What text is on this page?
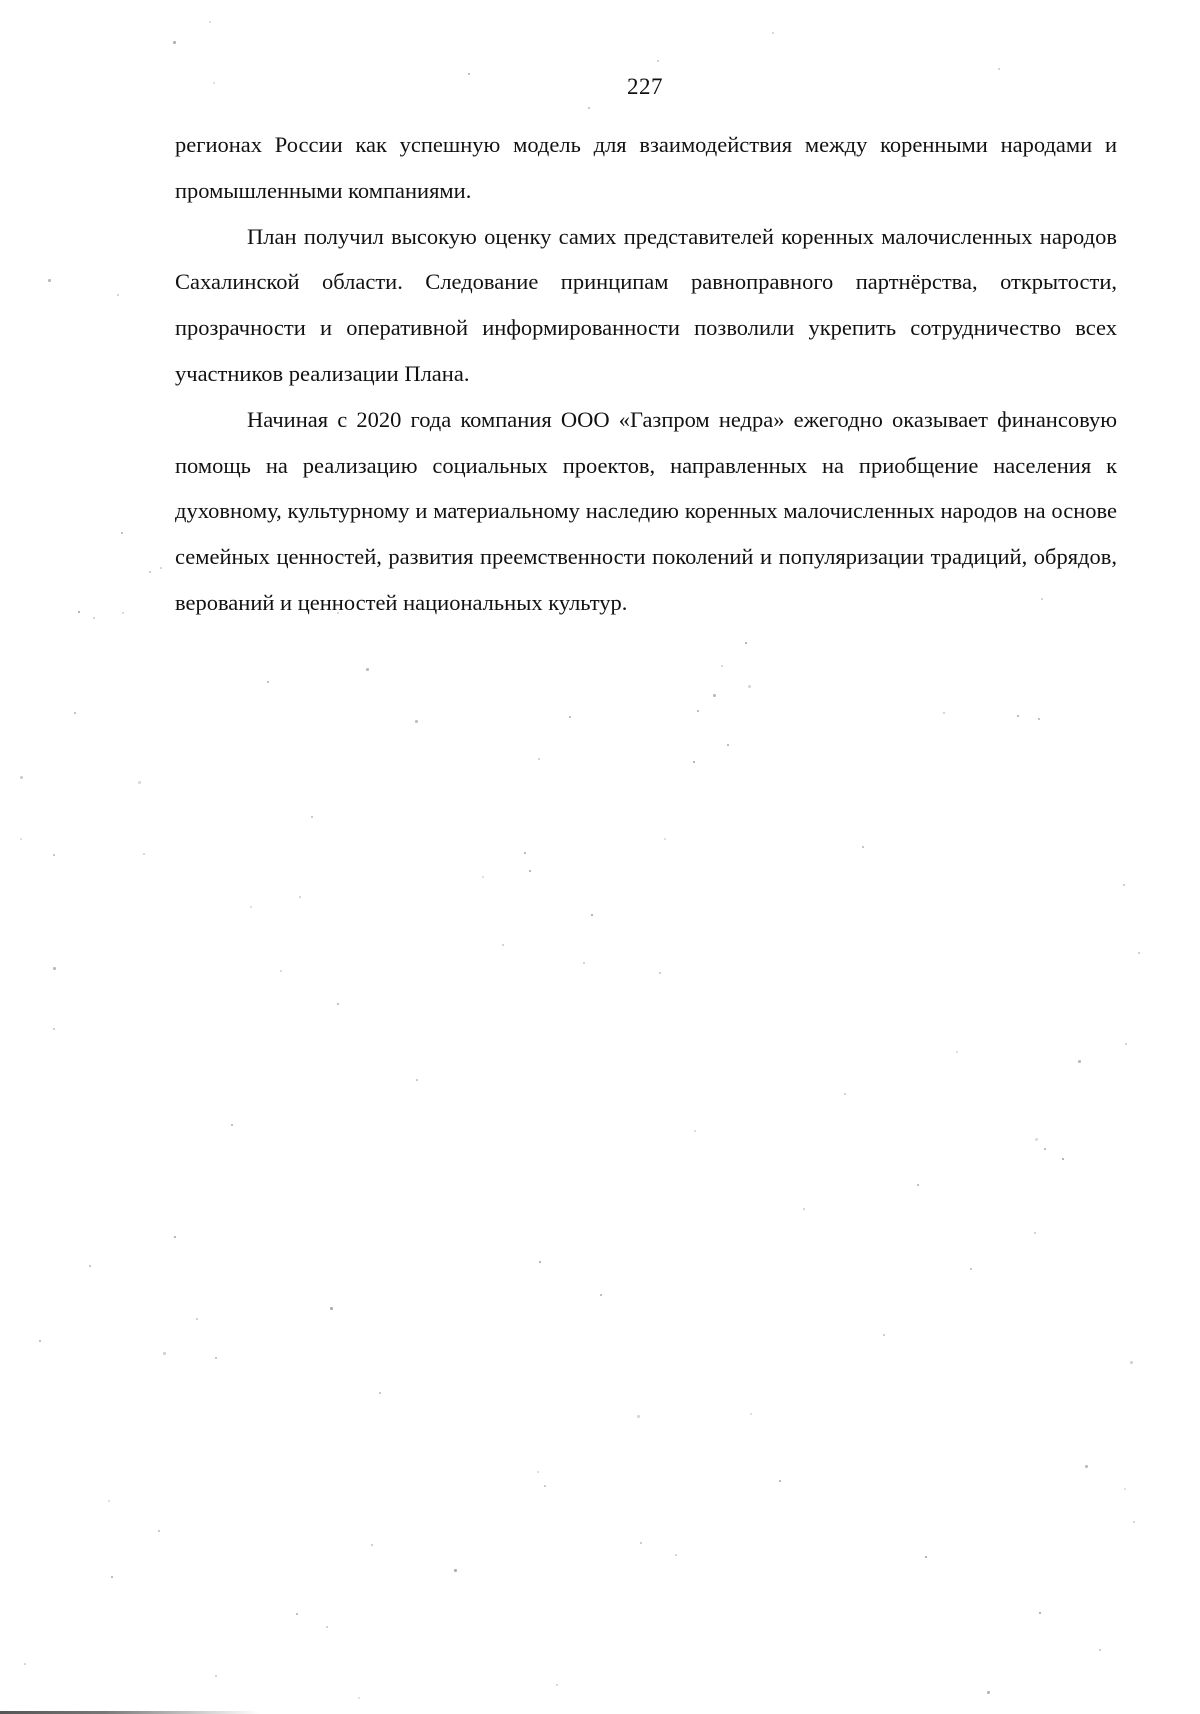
227

регионах России как успешную модель для взаимодействия между коренными народами и промышленными компаниями.

План получил высокую оценку самих представителей коренных малочисленных народов Сахалинской области. Следование принципам равноправного партнёрства, открытости, прозрачности и оперативной информированности позволили укрепить сотрудничество всех участников реализации Плана.

Начиная с 2020 года компания ООО «Газпром недра» ежегодно оказывает финансовую помощь на реализацию социальных проектов, направленных на приобщение населения к духовному, культурному и материальному наследию коренных малочисленных народов на основе семейных ценностей, развития преемственности поколений и популяризации традиций, обрядов, верований и ценностей национальных культур.
